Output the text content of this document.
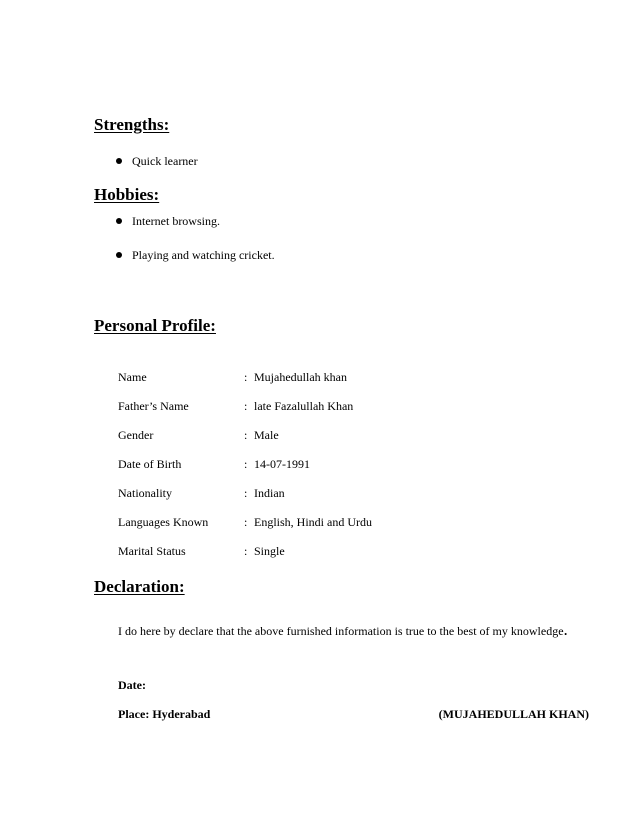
Strengths:
Quick learner
Hobbies:
Internet browsing.
Playing and watching cricket.
Personal Profile:
Name	: Mujahedullah khan
Father’s Name	: late Fazalullah Khan
Gender	: Male
Date of Birth	: 14-07-1991
Nationality	: Indian
Languages Known	: English, Hindi and Urdu
Marital Status	: Single
Declaration:
I do here by declare that the above furnished information is true to the best of my knowledge.
Date:
Place: Hyderabad	(MUJAHEDULLAH KHAN)
